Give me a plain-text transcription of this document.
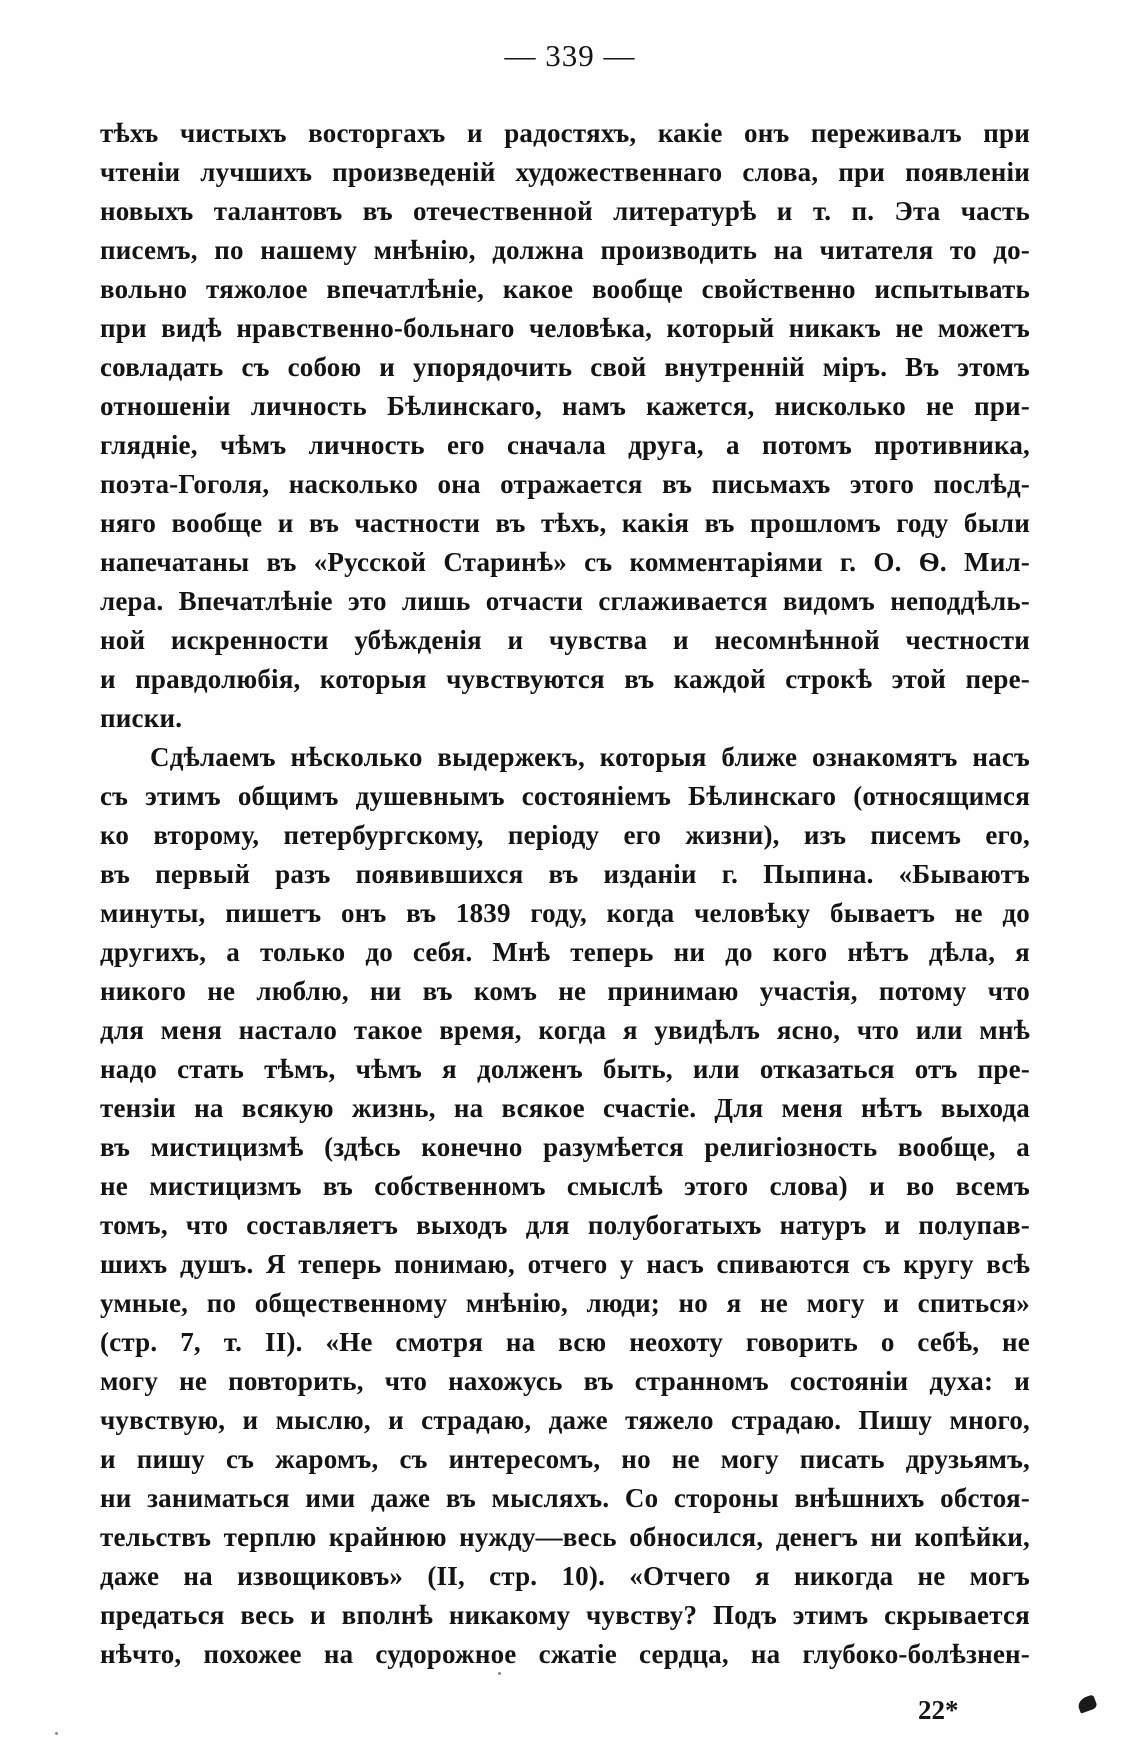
— 339 —
тѣхъ чистыхъ восторгахъ и радостяхъ, какіе онъ переживалъ при
чтеніи лучшихъ произведеній художественнаго слова, при появленіи
новыхъ талантовъ въ отечественной литературѣ и т. п. Эта часть
писемъ, по нашему мнѣнію, должна производить на читателя то до-
вольно тяжолое впечатлѣніе, какое вообще свойственно испытывать
при видѣ нравственно-больнаго человѣка, который никакъ не можетъ
совладать съ собою и упорядочить свой внутренній міръ. Въ этомъ
отношеніи личность Бѣлинскаго, намъ кажется, нисколько не при-
глядніе, чѣмъ личность его сначала друга, а потомъ противника,
поэта-Гоголя, насколько она отражается въ письмахъ этого послѣд-
няго вообще и въ частности въ тѣхъ, какія въ прошломъ году были
напечатаны въ «Русской Старинѣ» съ комментаріями г. О. Ѳ. Мил-
лера. Впечатлѣніе это лишь отчасти сглаживается видомъ неподдѣль-
ной искренности убѣжденія и чувства и несомнѣнной честности
и правдолюбія, которыя чувствуются въ каждой строкѣ этой пере-
писки.
Сдѣлаемъ нѣсколько выдержекъ, которыя ближе ознакомятъ насъ
съ этимъ общимъ душевнымъ состояніемъ Бѣлинскаго (относящимся
ко второму, петербургскому, періоду его жизни), изъ писемъ его,
въ первый разъ появившихся въ изданіи г. Пыпина. «Бываютъ
минуты, пишетъ онъ въ 1839 году, когда человѣку бываетъ не до
другихъ, а только до себя. Мнѣ теперь ни до кого нѣтъ дѣла, я
никого не люблю, ни въ комъ не принимаю участія, потому что
для меня настало такое время, когда я увидѣлъ ясно, что или мнѣ
надо стать тѣмъ, чѣмъ я долженъ быть, или отказаться отъ пре-
тензіи на всякую жизнь, на всякое счастіе. Для меня нѣтъ выхода
въ мистицизмѣ (здѣсь конечно разумѣется религіозность вообще, а
не мистицизмъ въ собственномъ смыслѣ этого слова) и во всемъ
томъ, что составляетъ выходъ для полубогатыхъ натуръ и полупав-
шихъ душъ. Я теперь понимаю, отчего у насъ спиваются съ кругу всѣ
умные, по общественному мнѣнію, люди; но я не могу и спиться»
(стр. 7, т. II). «Не смотря на всю неохоту говорить о себѣ, не
могу не повторить, что нахожусь въ странномъ состояніи духа: и
чувствую, и мыслю, и страдаю, даже тяжело страдаю. Пишу много,
и пишу съ жаромъ, съ интересомъ, но не могу писать друзьямъ,
ни заниматься ими даже въ мысляхъ. Со стороны внѣшнихъ обстоя-
тельствъ терплю крайнюю нужду—весь обносился, денегъ ни копѣйки,
даже на извощиковъ» (II, стр. 10). «Отчего я никогда не могъ
предаться весь и вполнѣ никакому чувству? Подъ этимъ скрывается
нѣчто, похожее на судорожное сжатіе сердца, на глубоко-болѣзнен-
22*
